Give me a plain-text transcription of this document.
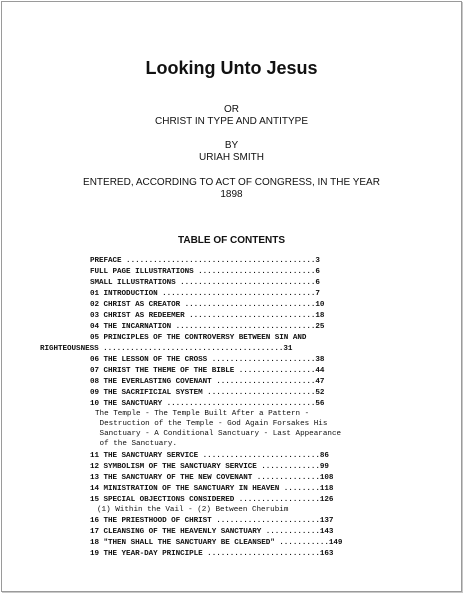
Looking Unto Jesus
OR
CHRIST IN TYPE AND ANTITYPE
BY
URIAH SMITH
ENTERED, ACCORDING TO ACT OF CONGRESS, IN THE YEAR
1898
TABLE OF CONTENTS
PREFACE ..........................................3
FULL PAGE ILLUSTRATIONS ..........................6
SMALL ILLUSTRATIONS ..............................6
01 INTRODUCTION ..................................7
02 CHRIST AS CREATOR .............................10
03 CHRIST AS REDEEMER ............................18
04 THE INCARNATION ...............................25
05 PRINCIPLES OF THE CONTROVERSY BETWEEN SIN AND
RIGHTEOUSNESS ........................................31
06 THE LESSON OF THE CROSS .......................38
07 CHRIST THE THEME OF THE BIBLE .................44
08 THE EVERLASTING COVENANT ......................47
09 THE SACRIFICIAL SYSTEM ........................52
10 THE SANCTUARY .................................56
The Temple - The Temple Built After a Pattern -
Destruction of the Temple - God Again Forsakes His
Sanctuary - A Conditional Sanctuary - Last Appearance
of the Sanctuary.
11 THE SANCTUARY SERVICE ..........................86
12 SYMBOLISM OF THE SANCTUARY SERVICE .............99
13 THE SANCTUARY OF THE NEW COVENANT ..............108
14 MINISTRATION OF THE SANCTUARY IN HEAVEN ........118
15 SPECIAL OBJECTIONS CONSIDERED ..................126
(1) Within the Vail - (2) Between Cherubim
16 THE PRIESTHOOD OF CHRIST .......................137
17 CLEANSING OF THE HEAVENLY SANCTUARY ............143
18 "THEN SHALL THE SANCTUARY BE CLEANSED" ...........149
19 THE YEAR-DAY PRINCIPLE .........................163
